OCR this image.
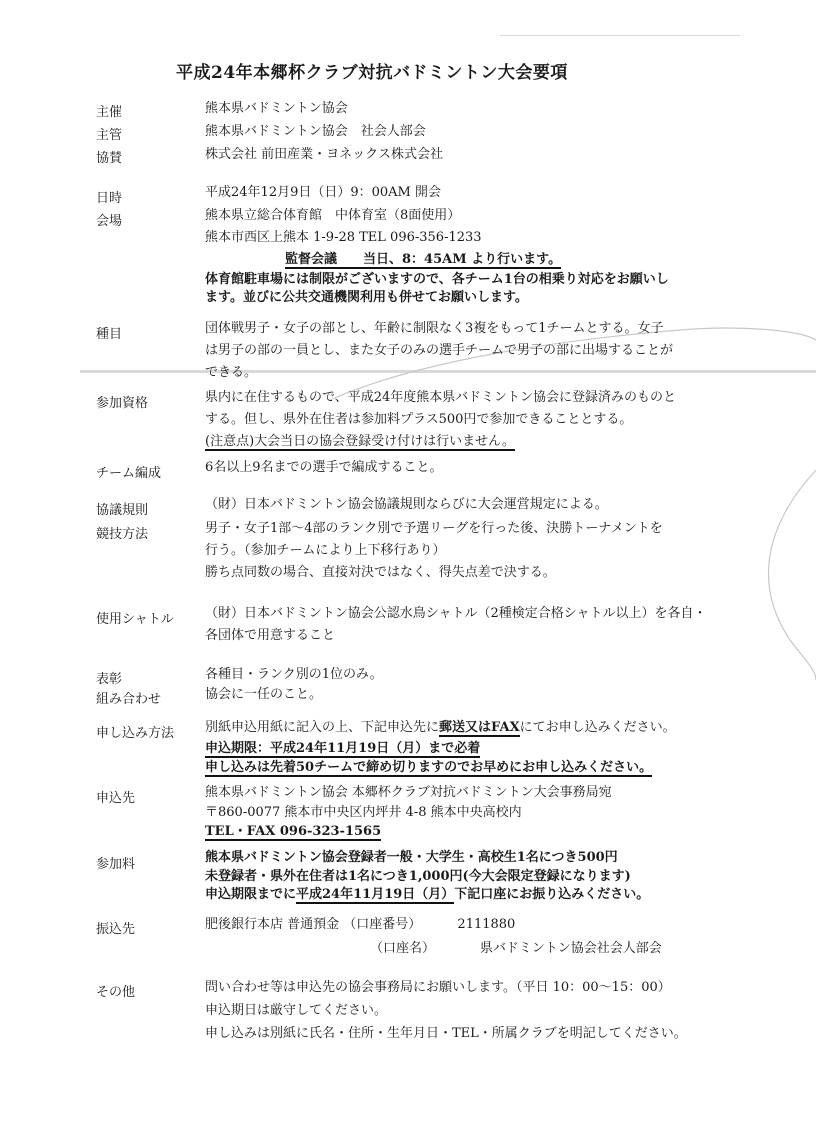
平成24年本郷杯クラブ対抗バドミントン大会要項
主催	熊本県バドミントン協会
主管	熊本県バドミントン協会　社会人部会
協賛	株式会社 前田産業・ヨネックス株式会社
日時	平成24年12月9日（日）9：00AM 開会
会場	熊本県立総合体育館　中体育室（8面使用）
熊本市西区上熊本 1-9-28 TEL 096-356-1233
監督会議　　当日、8：45AM より行います。
体育館駐車場には制限がございますので、各チーム1台の相乗り対応をお願いし
ます。並びに公共交通機関利用も併せてお願いします。
種目	団体戦男子・女子の部とし、年齢に制限なく3複をもって1チームとする。女子
は男子の部の一員とし、また女子のみの選手チームで男子の部に出場することが
できる。
参加資格	県内に在住するもので、平成24年度熊本県バドミントン協会に登録済みのものと
する。但し、県外在住者は参加料プラス500円で参加できることとする。
(注意点)大会当日の協会登録受け付けは行いません。
チーム編成	6名以上9名までの選手で編成すること。
協議規則	（財）日本バドミントン協会協議規則ならびに大会運営規定による。
競技方法	男子・女子1部～4部のランク別で予選リーグを行った後、決勝トーナメントを
行う。（参加チームにより上下移行あり）
勝ち点同数の場合、直接対決ではなく、得失点差で決する。
使用シャトル （財）日本バドミントン協会公認水鳥シャトル（2種検定合格シャトル以上）を各自・
各団体で用意すること
表彰	各種目・ランク別の1位のみ。
組み合わせ	協会に一任のこと。
申し込み方法 別紙申込用紙に記入の上、下記申込先に郵送又はFAXにてお申し込みください。
申込期限：平成24年11月19日（月）まで必着
申し込みは先着50チームで締め切りますのでお早めにお申し込みください。
申込先	熊本県バドミントン協会 本郷杯クラブ対抗バドミントン大会事務局宛
〒860-0077 熊本市中央区内坪井 4-8 熊本中央高校内
TEL・FAX 096-323-1565
参加料	熊本県バドミントン協会登録者一般・大学生・高校生1名につき500円
未登録者・県外在住者は1名につき1,000円(今大会限定登録になります)
申込期限までに平成24年11月19日（月）下記口座にお振り込みください。
振込先	肥後銀行本店 普通預金 （口座番号）	2111880
（口座名）	県バドミントン協会社会人部会
その他	問い合わせ等は申込先の協会事務局にお願いします。（平日 10：00～15：00）
申込期日は厳守してください。
申し込みは別紙に氏名・住所・生年月日・TEL・所属クラブを明記してください。
